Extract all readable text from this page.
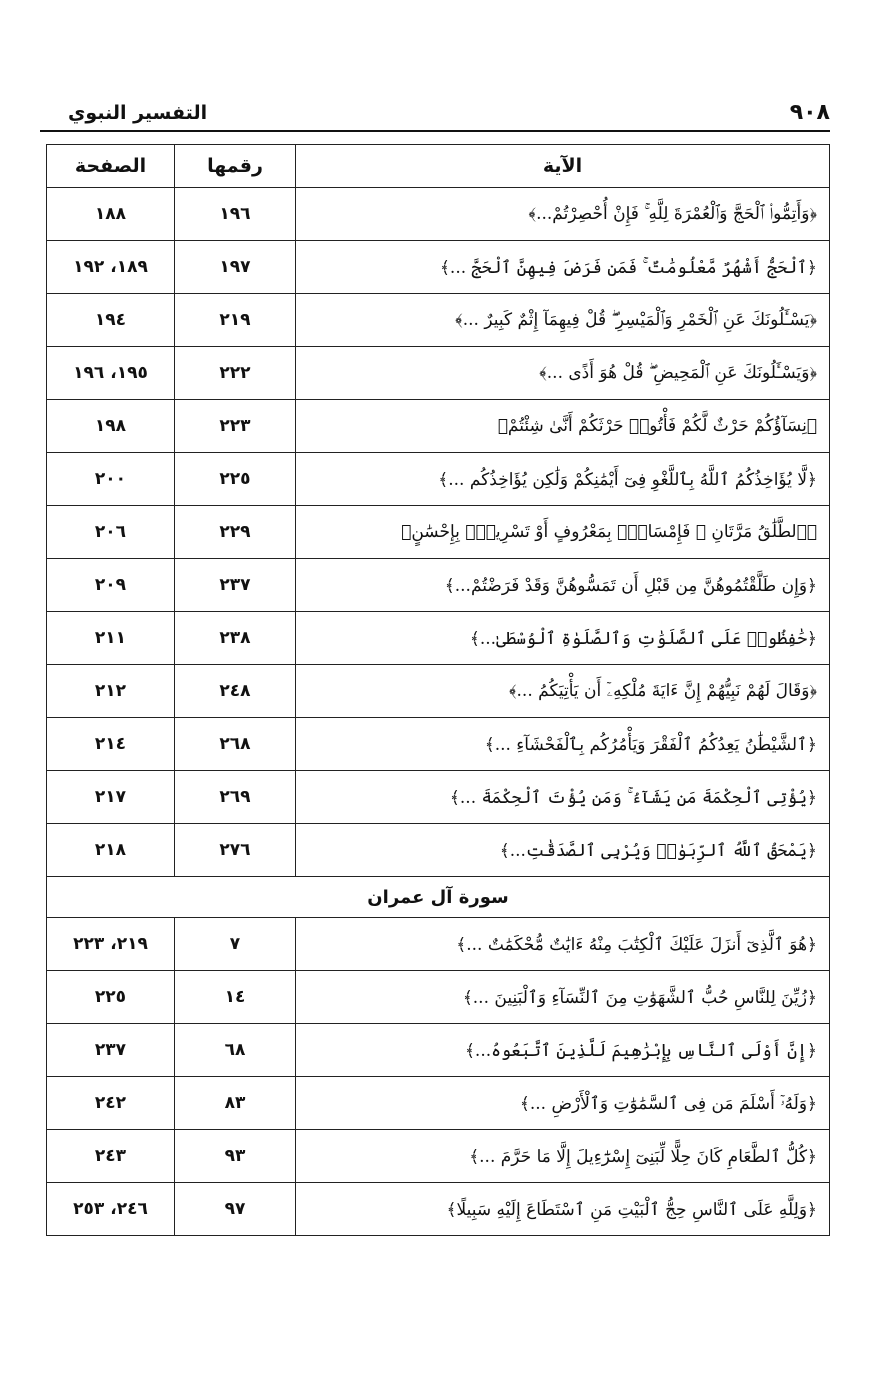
التفسير النبوي	٩٠٨
الآية	رقمها	الصفحة
﴿وَأَتِمُّوا۟ ٱلْحَجَّ وَٱلْعُمْرَةَ لِلَّهِ ۚ فَإِنْ أُحْصِرْتُمْ...﴾	١٩٦	١٨٨
﴿ٱلْحَجُّ أَشْهُرٌ مَّعْلُومَٰتٌ ۚ فَمَن فَرَضَ فِيهِنَّ ٱلْحَجَّ ...﴾	١٩٧	١٨٩، ١٩٢
﴿يَسْـَٔلُونَكَ عَنِ ٱلْخَمْرِ وَٱلْمَيْسِرِ ۖ قُلْ فِيهِمَآ إِثْمٌ كَبِيرٌ ...﴾	٢١٩	١٩٤
﴿وَيَسْـَٔلُونَكَ عَنِ ٱلْمَحِيضِ ۖ قُلْ هُوَ أَذًى ...﴾	٢٢٢	١٩٥، ١٩٦
﴿نِسَآؤُكُمْ حَرْثٌ لَّكُمْ فَأْتُوا۟ حَرْثَكُمْ أَنَّىٰ شِئْتُمْ﴾	٢٢٣	١٩٨
﴿لَّا يُؤَاخِذُكُمُ ٱللَّهُ بِٱللَّغْوِ فِىٓ أَيْمَٰنِكُمْ وَلَٰكِن يُؤَاخِذُكُم ...﴾	٢٢٥	٢٠٠
﴿ٱلطَّلَٰقُ مَرَّتَانِ ۖ فَإِمْسَاكٌۢ بِمَعْرُوفٍ أَوْ تَسْرِيحٌۢ بِإِحْسَٰنٍ﴾	٢٢٩	٢٠٦
﴿وَإِن طَلَّقْتُمُوهُنَّ مِن قَبْلِ أَن تَمَسُّوهُنَّ وَقَدْ فَرَضْتُمْ...﴾	٢٣٧	٢٠٩
﴿حَٰفِظُوا۟ عَلَى ٱلصَّلَوَٰتِ وَٱلصَّلَوٰةِ ٱلْوُسْطَىٰ...﴾	٢٣٨	٢١١
﴿وَقَالَ لَهُمْ نَبِيُّهُمْ إِنَّ ءَايَةَ مُلْكِهِۦٓ أَن يَأْتِيَكُمُ ...﴾	٢٤٨	٢١٢
﴿ٱلشَّيْطَٰنُ يَعِدُكُمُ ٱلْفَقْرَ وَيَأْمُرُكُم بِٱلْفَحْشَآءِ ...﴾	٢٦٨	٢١٤
﴿يُؤْتِى ٱلْحِكْمَةَ مَن يَشَآءُ ۚ وَمَن يُؤْتَ ٱلْحِكْمَةَ ...﴾	٢٦٩	٢١٧
﴿يَمْحَقُ ٱللَّهُ ٱلرِّبَوٰا۟ وَيُرْبِى ٱلصَّدَقَٰتِ...﴾	٢٧٦	٢١٨
سورة آل عمران		
﴿هُوَ ٱلَّذِىٓ أَنزَلَ عَلَيْكَ ٱلْكِتَٰبَ مِنْهُ ءَايَٰتٌ مُّحْكَمَٰتٌ ...﴾	٧	٢١٩، ٢٢٣
﴿زُيِّنَ لِلنَّاسِ حُبُّ ٱلشَّهَوَٰتِ مِنَ ٱلنِّسَآءِ وَٱلْبَنِينَ ...﴾	١٤	٢٢٥
﴿إِنَّ أَوْلَى ٱلنَّاسِ بِإِبْرَٰهِيمَ لَلَّذِينَ ٱتَّبَعُوهُ...﴾	٦٨	٢٣٧
﴿وَلَهُۥٓ أَسْلَمَ مَن فِى ٱلسَّمَٰوَٰتِ وَٱلْأَرْضِ ...﴾	٨٣	٢٤٢
﴿كُلُّ ٱلطَّعَامِ كَانَ حِلًّا لِّبَنِىٓ إِسْرَٰٓءِيلَ إِلَّا مَا حَرَّمَ ...﴾	٩٣	٢٤٣
﴿وَلِلَّهِ عَلَى ٱلنَّاسِ حِجُّ ٱلْبَيْتِ مَنِ ٱسْتَطَاعَ إِلَيْهِ سَبِيلًا﴾	٩٧	٢٤٦، ٢٥٣
